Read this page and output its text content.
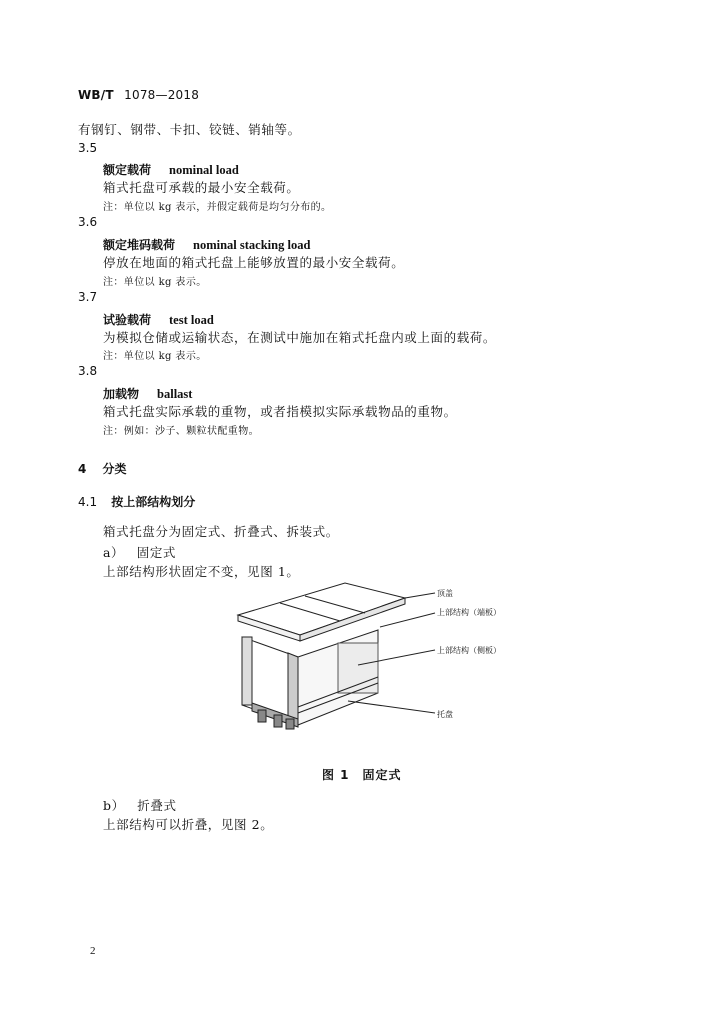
WB/T 1078—2018
有钢钉、钢带、卡扣、铰链、销轴等。
3.5
额定载荷 nominal load
箱式托盘可承载的最小安全载荷。
注：单位以 kg 表示，并假定载荷是均匀分布的。
3.6
额定堆码载荷 nominal stacking load
停放在地面的箱式托盘上能够放置的最小安全载荷。
注：单位以 kg 表示。
3.7
试验载荷 test load
为模拟仓储或运输状态，在测试中施加在箱式托盘内或上面的载荷。
注：单位以 kg 表示。
3.8
加载物 ballast
箱式托盘实际承载的重物，或者指模拟实际承载物品的重物。
注：例如：沙子、颗粒状配重物。
4 分类
4.1 按上部结构划分
箱式托盘分为固定式、折叠式、拆装式。
a） 固定式
上部结构形状固定不变，见图 1。
顶盖
上部结构（端板）
上部结构（侧板）
托盘
图 1　固定式
b） 折叠式
上部结构可以折叠，见图 2。
2
